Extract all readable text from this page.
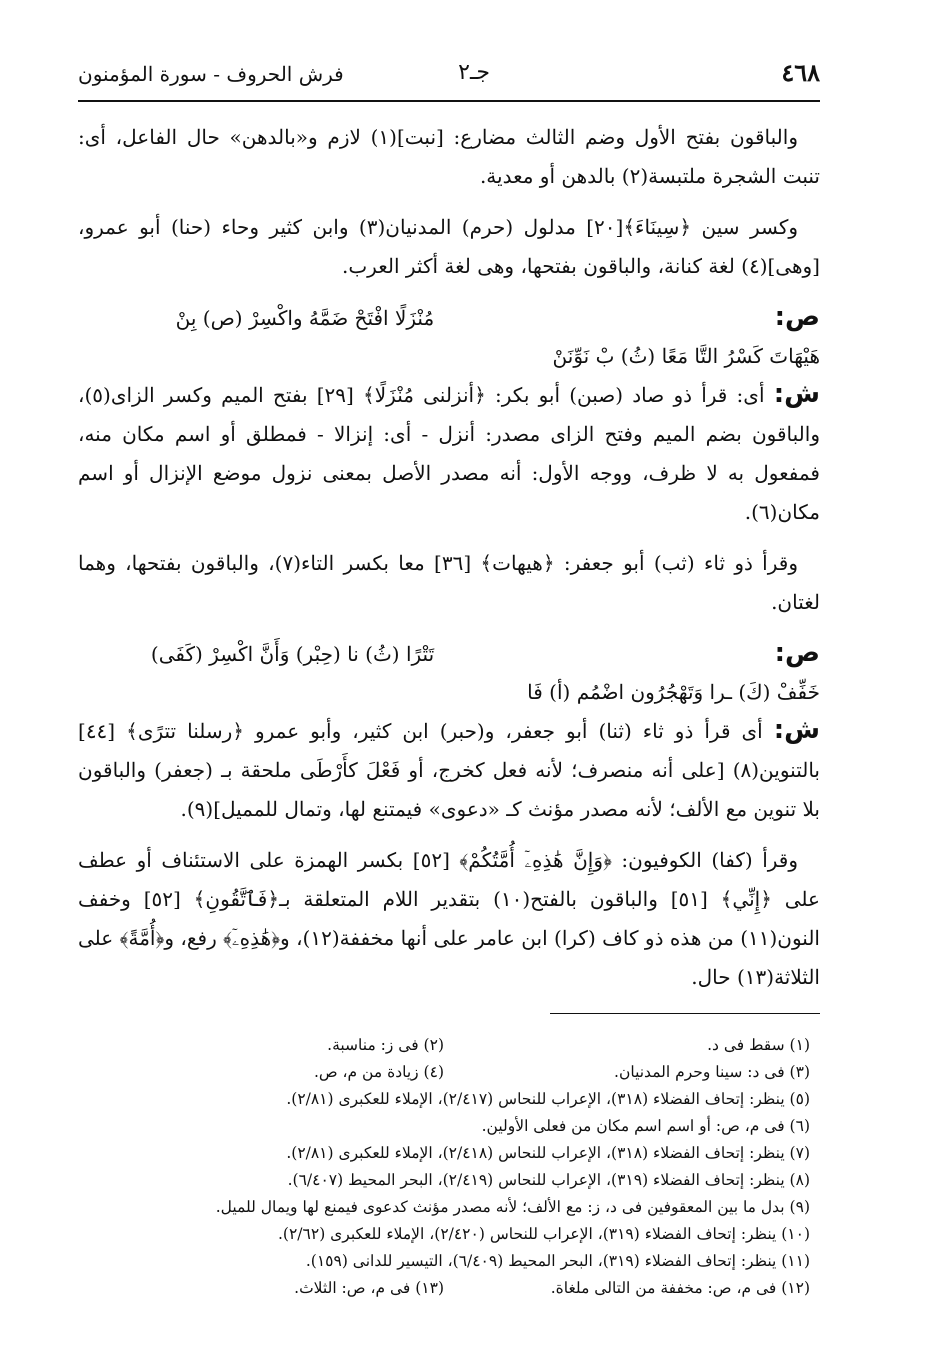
٤٦٨
جـ٢
فرش الحروف - سورة المؤمنون

والباقون بفتح الأول وضم الثالث مضارع: [نبت](١) لازم و«بالدهن» حال الفاعل، أى: تنبت الشجرة ملتبسة(٢) بالدهن أو معدية.

وكسر سين ﴿سِينَاءَ﴾[٢٠] مدلول (حرم) المدنيان(٣) وابن كثير وحاء (حنا) أبو عمرو، [وهى](٤) لغة كنانة، والباقون بفتحها، وهى لغة أكثر العرب.

ص: مُنْزَلًا افْتَحْ ضَمَّهُ واكْسِرْ (ص) بِنْ هَيْهَاتَ كَسْرُ التَّا مَعًا (ثُ) بْ نَوِّنَنْ

ش: أى: قرأ ذو صاد (صبن) أبو بكر: ﴿أنزلنى مُنْزَلًا﴾ [٢٩] بفتح الميم وكسر الزاى(٥)، والباقون بضم الميم وفتح الزاى مصدر: أنزل - أى: إنزالا - فمطلق أو اسم مكان منه، فمفعول به لا ظرف، ووجه الأول: أنه مصدر الأصل بمعنى نزول موضع الإنزال أو اسم مكان(٦).

وقرأ ذو ثاء (ثب) أبو جعفر: ﴿هيهات﴾ [٣٦] معا بكسر التاء(٧)، والباقون بفتحها، وهما لغتان.

ص: تَتْرًا (ثُ) نا (حِبْر) وَأَنَّ اكْسِرْ (كَفَى) خَفِّفْ (كَ) ـرا وَتَهْجُرُون اضْمُم (أ) فَا

ش: أى قرأ ذو ثاء (ثنا) أبو جعفر، و(حبر) ابن كثير، وأبو عمرو ﴿رسلنا تترًى﴾ [٤٤] بالتنوين(٨) [على أنه منصرف؛ لأنه فعل كخرج، أو فَعْلَ كأَرْطَى ملحقة بـ (جعفر) والباقون بلا تنوين مع الألف؛ لأنه مصدر مؤنث كـ «دعوى» فيمتنع لها، وتمال للمميل](٩).

وقرأ (كفا) الكوفيون: ﴿وَإِنَّ هَٰذِهِۦٓ أُمَّتُكُمْ﴾ [٥٢] بكسر الهمزة على الاستئناف أو عطف على ﴿إِنِّي﴾ [٥١] والباقون بالفتح(١٠) بتقدير اللام المتعلقة بـ﴿فَٱتَّقُونِ﴾ [٥٢] وخفف النون(١١) من هذه ذو كاف (كرا) ابن عامر على أنها مخففة(١٢)، و﴿هَٰذِهِۦٓ﴾ رفع، و﴿أُمَّةً﴾ على الثلاثة(١٣) حال.

(١) سقط فى د.
(٢) فى ز: مناسبة.
(٣) فى د: سينا وحرم المدنيان.
(٤) زيادة من م، ص.
(٥) ينظر: إتحاف الفضلاء (٣١٨)، الإعراب للنحاس (٢/٤١٧)، الإملاء للعكبرى (٢/٨١).
(٦) فى م، ص: أو اسم اسم مكان من فعلى الأولين.
(٧) ينظر: إتحاف الفضلاء (٣١٨)، الإعراب للنحاس (٢/٤١٨)، الإملاء للعكبرى (٢/٨١).
(٨) ينظر: إتحاف الفضلاء (٣١٩)، الإعراب للنحاس (٢/٤١٩)، البحر المحيط (٦/٤٠٧).
(٩) بدل ما بين المعقوفين فى د، ز: مع الألف؛ لأنه مصدر مؤنث كدعوى فيمنع لها ويمال للميل.
(١٠) ينظر: إتحاف الفضلاء (٣١٩)، الإعراب للنحاس (٢/٤٢٠)، الإملاء للعكبرى (٢/٦٢).
(١١) ينظر: إتحاف الفضلاء (٣١٩)، البحر المحيط (٦/٤٠٩)، التيسير للدانى (١٥٩).
(١٢) فى م، ص: مخففة من التالى ملغاة.
(١٣) فى م، ص: الثلاث.
